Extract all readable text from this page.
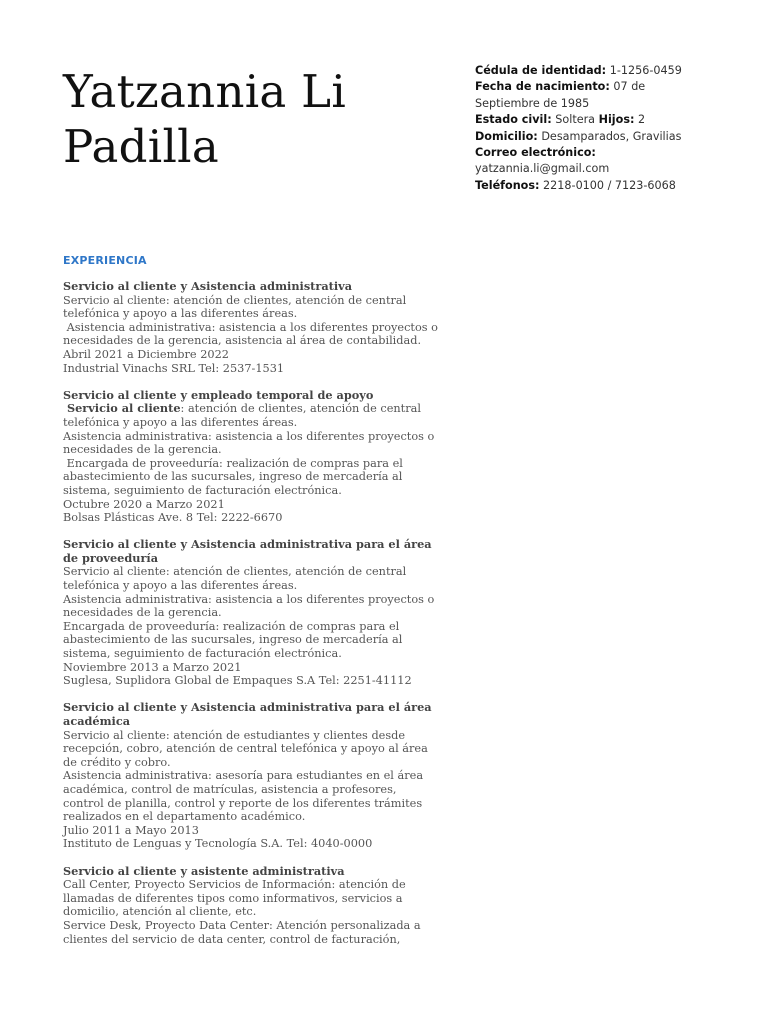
Yatzannia Li
Padilla
Cédula de identidad: 1-1256-0459
Fecha de nacimiento: 07 de Septiembre de 1985
Estado civil: Soltera Hijos: 2
Domicilio: Desamparados, Gravilias
Correo electrónico:
yatzannia.li@gmail.com
Teléfonos: 2218-0100 / 7123-6068
EXPERIENCIA
Servicio al cliente y Asistencia administrativa
Servicio al cliente: atención de clientes, atención de central telefónica y apoyo a las diferentes áreas.
Asistencia administrativa: asistencia a los diferentes proyectos o necesidades de la gerencia, asistencia al área de contabilidad.
Abril 2021 a Diciembre 2022
Industrial Vinachs SRL Tel: 2537-1531
Servicio al cliente y empleado temporal de apoyo
Servicio al cliente: atención de clientes, atención de central telefónica y apoyo a las diferentes áreas.
Asistencia administrativa: asistencia a los diferentes proyectos o necesidades de la gerencia.
Encargada de proveeduría: realización de compras para el abastecimiento de las sucursales, ingreso de mercadería al sistema, seguimiento de facturación electrónica.
Octubre 2020 a Marzo 2021
Bolsas Plásticas Ave. 8 Tel: 2222-6670
Servicio al cliente y Asistencia administrativa para el área de proveeduría
Servicio al cliente: atención de clientes, atención de central telefónica y apoyo a las diferentes áreas.
Asistencia administrativa: asistencia a los diferentes proyectos o necesidades de la gerencia.
Encargada de proveeduría: realización de compras para el abastecimiento de las sucursales, ingreso de mercadería al sistema, seguimiento de facturación electrónica.
Noviembre 2013 a Marzo 2021
Suglesa, Suplidora Global de Empaques S.A Tel: 2251-41112
Servicio al cliente y Asistencia administrativa para el área académica
Servicio al cliente: atención de estudiantes y clientes desde recepción, cobro, atención de central telefónica y apoyo al área de crédito y cobro.
Asistencia administrativa: asesoría para estudiantes en el área académica, control de matrículas, asistencia a profesores, control de planilla, control y reporte de los diferentes trámites realizados en el departamento académico.
Julio 2011 a Mayo 2013
Instituto de Lenguas y Tecnología S.A. Tel: 4040-0000
Servicio al cliente y asistente administrativa
Call Center, Proyecto Servicios de Información: atención de llamadas de diferentes tipos como informativos, servicios a domicilio, atención al cliente, etc.
Service Desk, Proyecto Data Center: Atención personalizada a clientes del servicio de data center, control de facturación,
